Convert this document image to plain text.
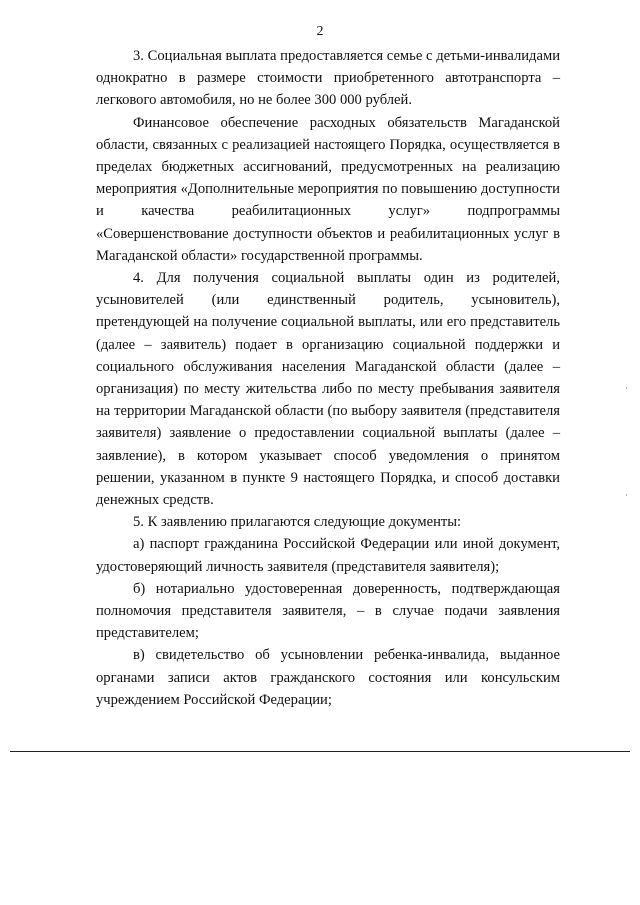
2

3. Социальная выплата предоставляется семье с детьми-инвалидами однократно в размере стоимости приобретенного автотранспорта – легкового автомобиля, но не более 300 000 рублей.

Финансовое обеспечение расходных обязательств Магаданской области, связанных с реализацией настоящего Порядка, осуществляется в пределах бюджетных ассигнований, предусмотренных на реализацию мероприятия «Дополнительные мероприятия по повышению доступности и качества реабилитационных услуг» подпрограммы «Совершенствование доступности объектов и реабилитационных услуг в Магаданской области» государственной программы.

4. Для получения социальной выплаты один из родителей, усыновителей (или единственный родитель, усыновитель), претендующей на получение социальной выплаты, или его представитель (далее – заявитель) подает в организацию социальной поддержки и социального обслуживания населения Магаданской области (далее – организация) по месту жительства либо по месту пребывания заявителя на территории Магаданской области (по выбору заявителя (представителя заявителя) заявление о предоставлении социальной выплаты (далее – заявление), в котором указывает способ уведомления о принятом решении, указанном в пункте 9 настоящего Порядка, и способ доставки денежных средств.

5. К заявлению прилагаются следующие документы:

а) паспорт гражданина Российской Федерации или иной документ, удостоверяющий личность заявителя (представителя заявителя);

б) нотариально удостоверенная доверенность, подтверждающая полномочия представителя заявителя, – в случае подачи заявления представителем;

в) свидетельство об усыновлении ребенка-инвалида, выданное органами записи актов гражданского состояния или консульским учреждением Российской Федерации;
